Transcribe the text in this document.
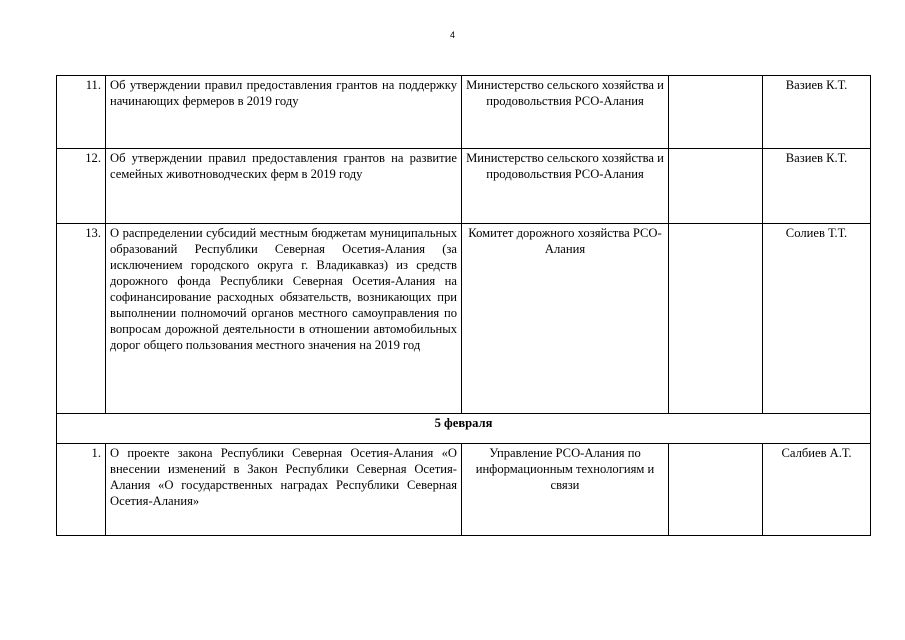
4
11.	Об утверждении правил предоставления грантов на поддержку начинающих фермеров в 2019 году	Министерство сельского хозяйства и продовольствия РСО-Алания		Вазиев К.Т.
12.	Об утверждении правил предоставления грантов на развитие семейных животноводческих ферм в 2019 году	Министерство сельского хозяйства и продовольствия РСО-Алания		Вазиев К.Т.
13.	О распределении субсидий местным бюджетам муниципальных образований Республики Северная Осетия-Алания (за исключением городского округа г. Владикавказ) из средств дорожного фонда Республики Северная Осетия-Алания на софинансирование расходных обязательств, возникающих при выполнении полномочий органов местного самоуправления по вопросам дорожной деятельности в отношении автомобильных дорог общего пользования местного значения на 2019 год	Комитет дорожного хозяйства РСО-Алания		Солиев Т.Т.
5 февраля				
1.	О проекте закона Республики Северная Осетия-Алания «О внесении изменений в Закон Республики Северная Осетия-Алания «О государственных наградах Республики Северная Осетия-Алания»	Управление РСО-Алания по информационным технологиям и связи		Салбиев А.Т.
